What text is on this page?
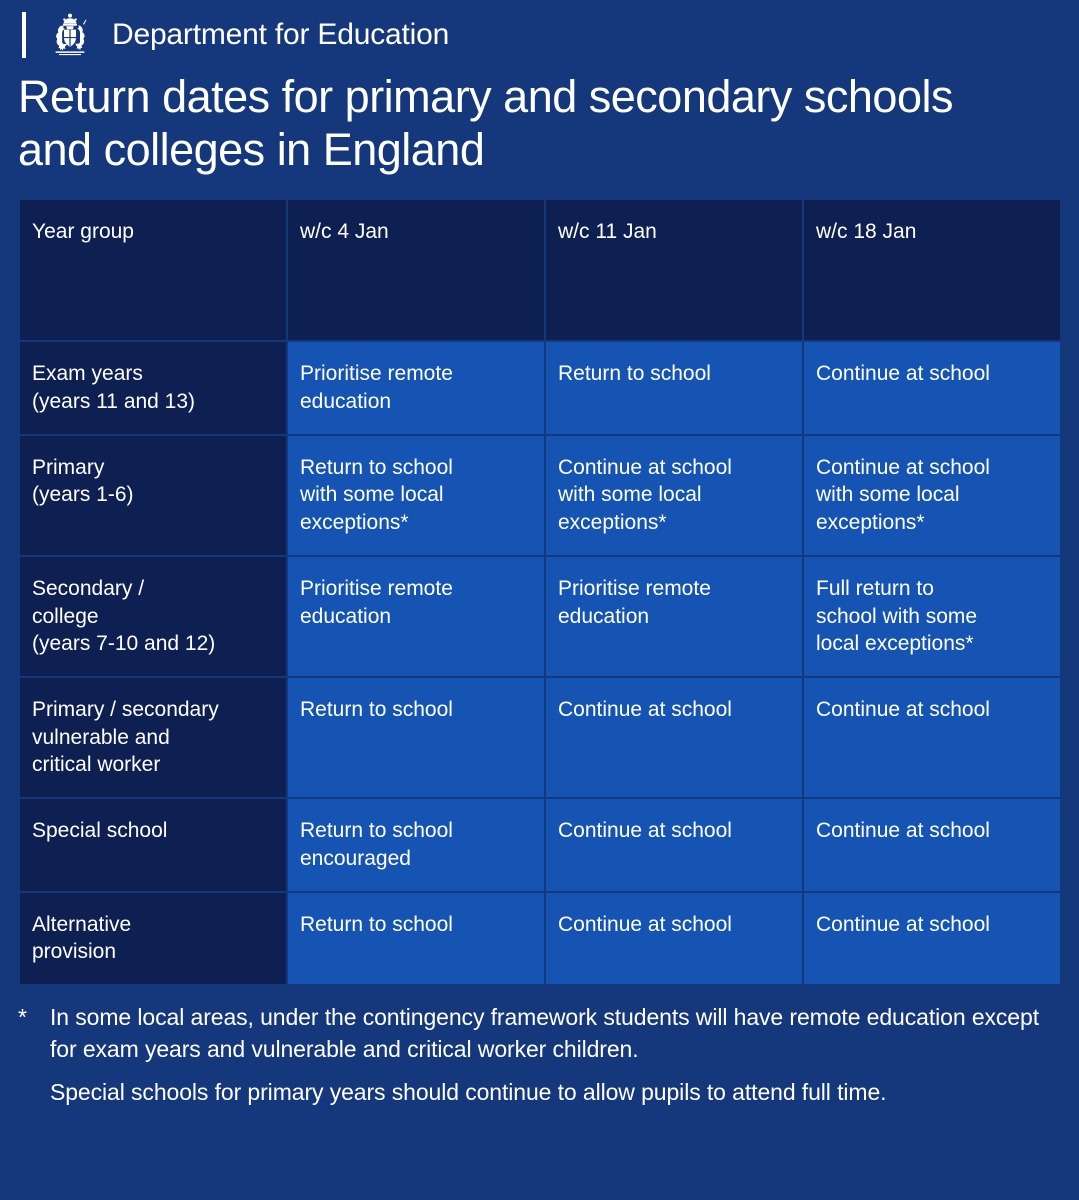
Department for Education
Return dates for primary and secondary schools and colleges in England
Year group	w/c 4 Jan	w/c 11 Jan	w/c 18 Jan

Exam years
(years 11 and 13)	Prioritise remote
education	Return to school	Continue at school

Primary
(years 1-6)	Return to school
with some local
exceptions*	Continue at school
with some local
exceptions*	Continue at school
with some local
exceptions*

Secondary /
college
(years 7-10 and 12)	Prioritise remote
education	Prioritise remote
education	Full return to
school with some
local exceptions*

Primary / secondary
vulnerable and
critical worker	Return to school	Continue at school	Continue at school

Special school	Return to school
encouraged	Continue at school	Continue at school

Alternative
provision	Return to school	Continue at school	Continue at school
*	In some local areas, under the contingency framework students will have remote education except for exam years and vulnerable and critical worker children.
Special schools for primary years should continue to allow pupils to attend full time.
